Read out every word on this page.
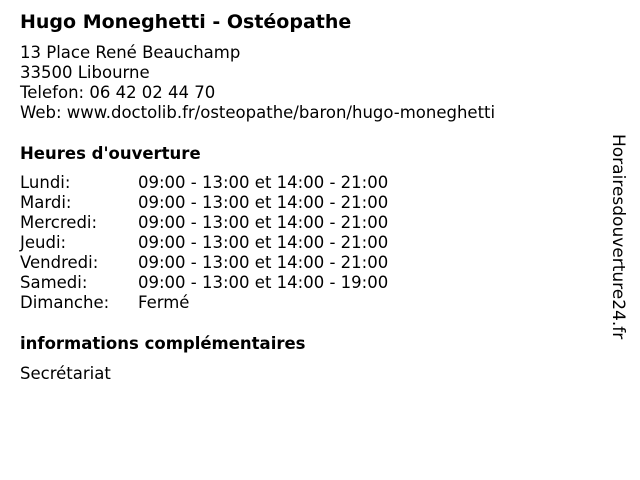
Hugo Moneghetti - Ostéopathe
13 Place René Beauchamp
33500 Libourne
Telefon: 06 42 02 44 70
Web: www.doctolib.fr/osteopathe/baron/hugo-moneghetti
Heures d'ouverture
Lundi:	09:00 - 13:00 et 14:00 - 21:00
Mardi:	09:00 - 13:00 et 14:00 - 21:00
Mercredi:	09:00 - 13:00 et 14:00 - 21:00
Jeudi:	09:00 - 13:00 et 14:00 - 21:00
Vendredi:	09:00 - 13:00 et 14:00 - 21:00
Samedi:	09:00 - 13:00 et 14:00 - 19:00
Dimanche:	Fermé
informations complémentaires
Secrétariat
Horairesdouverture24.fr
